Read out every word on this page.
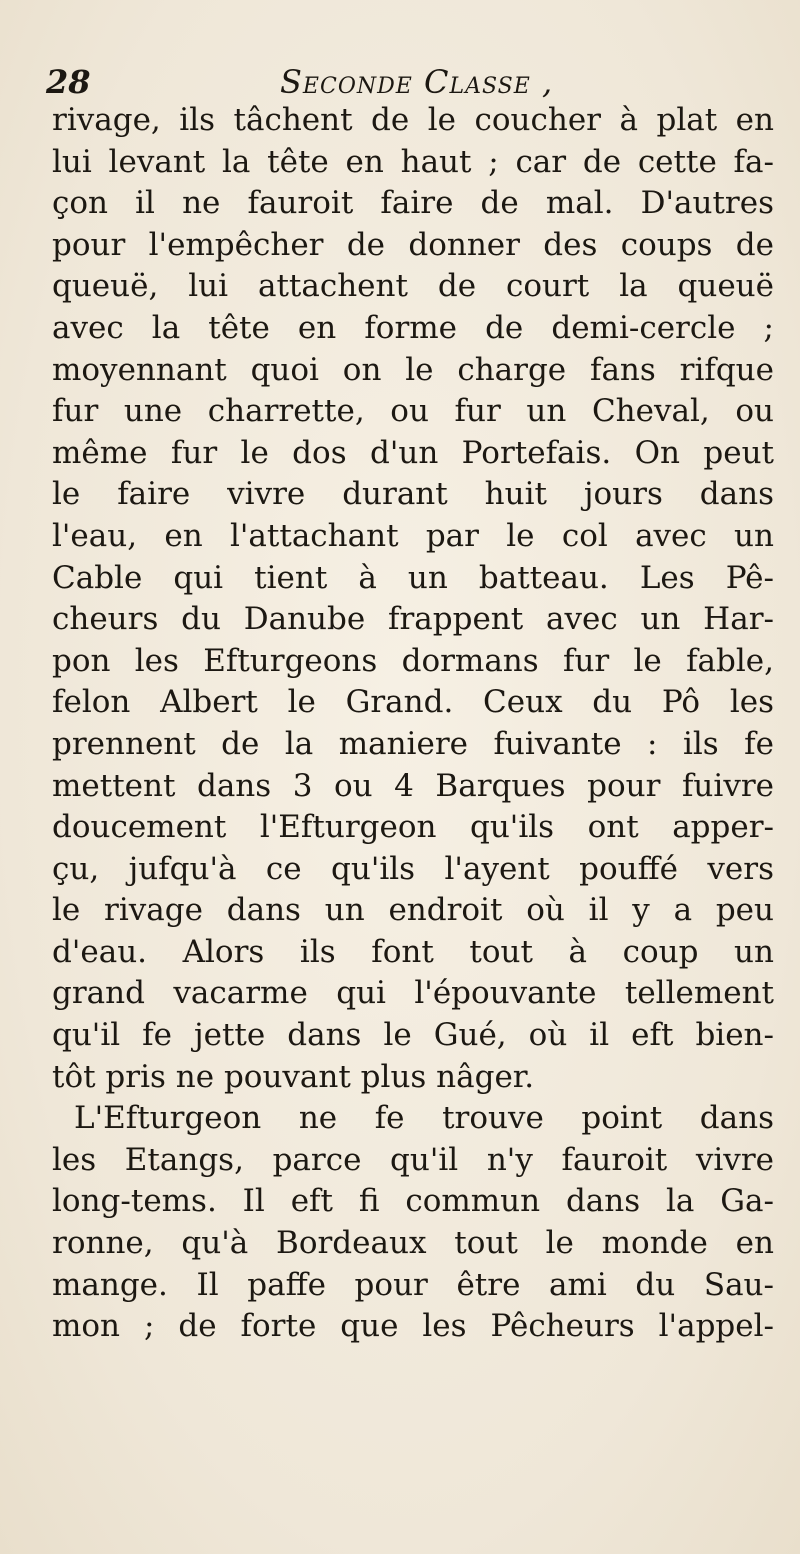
28	Seconde Classe ,
rivage, ils tâchent de le coucher à plat en
lui levant la tête en haut ; car de cette fa-
çon il ne fauroit faire de mal. D'autres
pour l'empêcher de donner des coups de
queuë, lui attachent de court la queuë
avec la tête en forme de demi-cercle ;
moyennant quoi on le charge fans rifque
fur une charrette, ou fur un Cheval, ou
même fur le dos d'un Portefais. On peut
le faire vivre durant huit jours dans
l'eau, en l'attachant par le col avec un
Cable qui tient à un batteau. Les Pê-
cheurs du Danube frappent avec un Har-
pon les Efturgeons dormans fur le fable,
felon Albert le Grand. Ceux du Pô les
prennent de la maniere fuivante : ils fe
mettent dans 3 ou 4 Barques pour fuivre
doucement l'Efturgeon qu'ils ont apper-
çu, jufqu'à ce qu'ils l'ayent pouffé vers
le rivage dans un endroit où il y a peu
d'eau. Alors ils font tout à coup un
grand vacarme qui l'épouvante tellement
qu'il fe jette dans le Gué, où il eft bien-
tôt pris ne pouvant plus nâger.
L'Efturgeon ne fe trouve point dans
les Etangs, parce qu'il n'y fauroit vivre
long-tems. Il eft fi commun dans la Ga-
ronne, qu'à Bordeaux tout le monde en
mange. Il paffe pour être ami du Sau-
mon ; de forte que les Pêcheurs l'appel-
